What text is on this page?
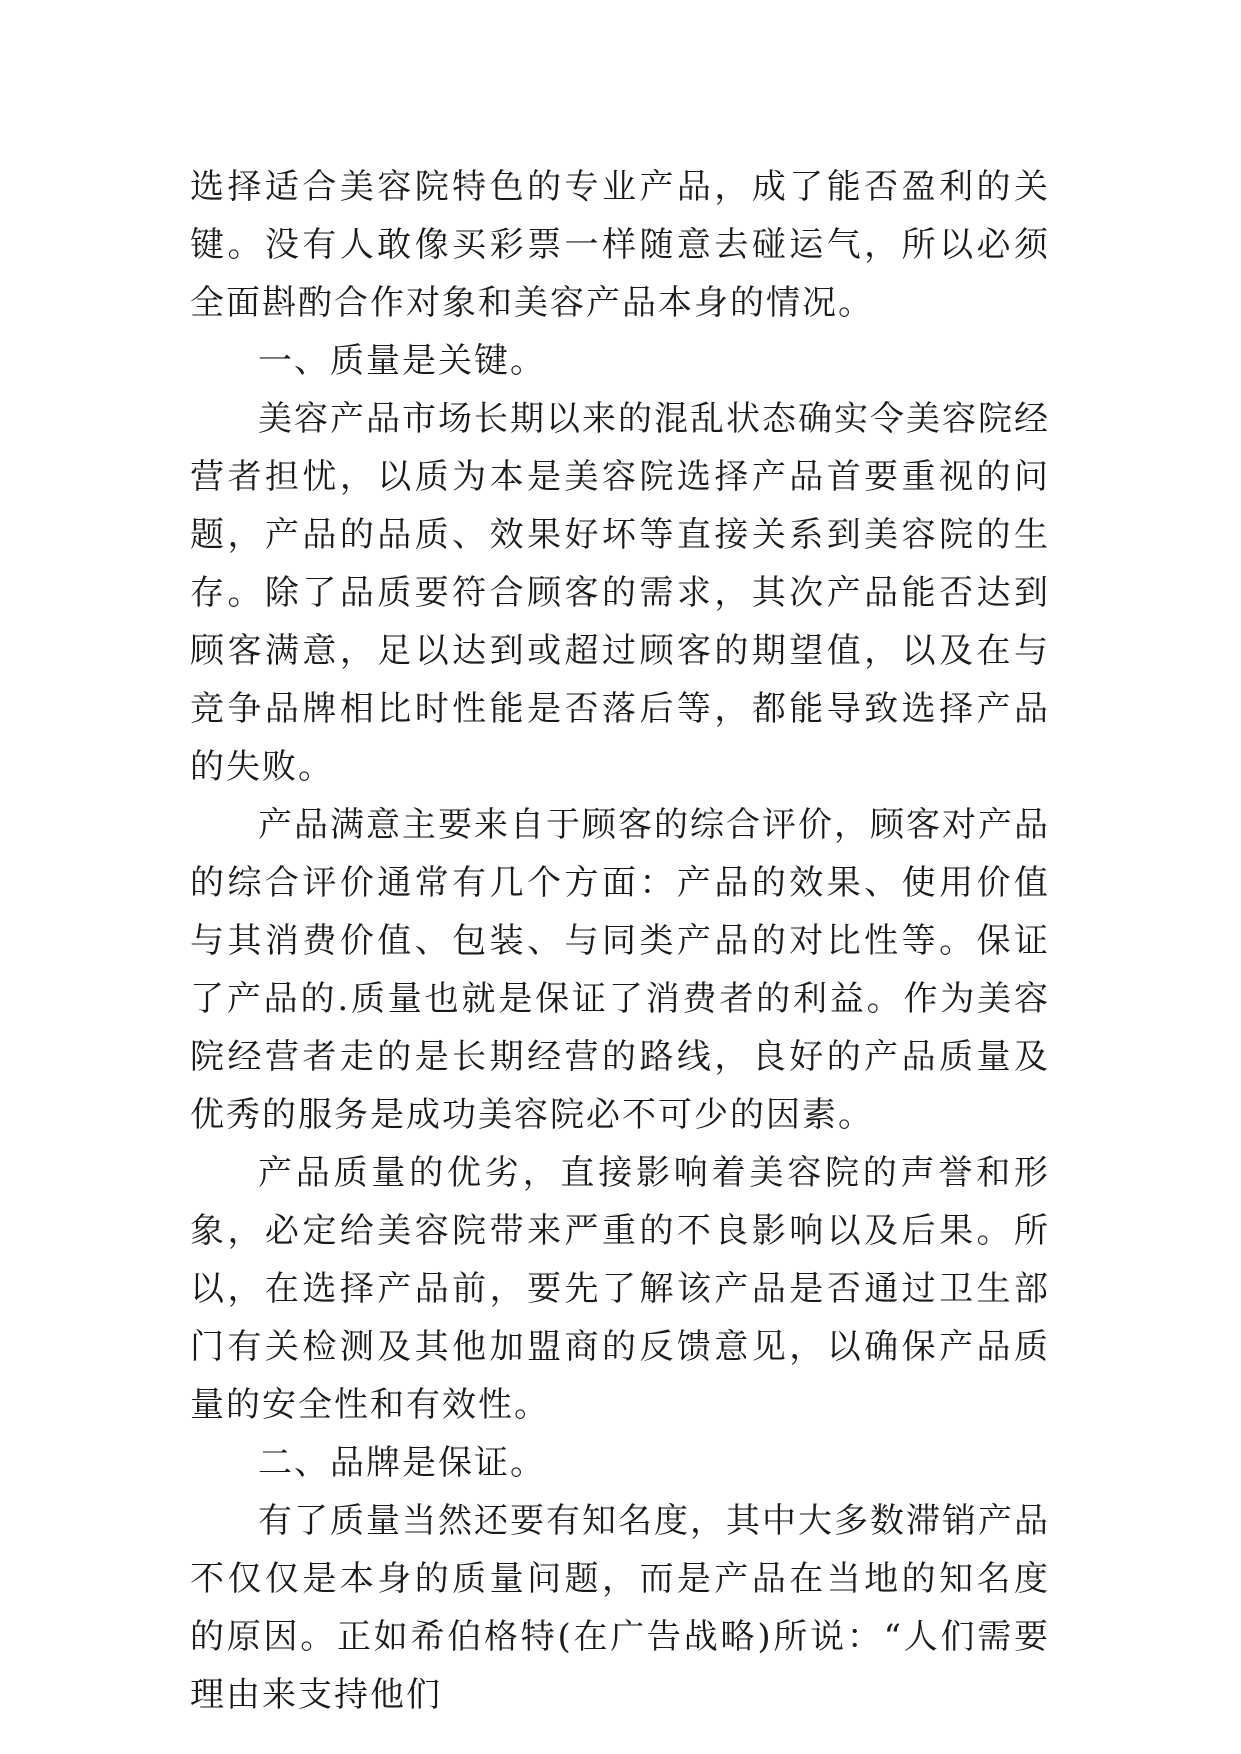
选择适合美容院特色的专业产品，成了能否盈利的关键。没有人敢像买彩票一样随意去碰运气，所以必须全面斟酌合作对象和美容产品本身的情况。

一、质量是关键。

美容产品市场长期以来的混乱状态确实令美容院经营者担忧，以质为本是美容院选择产品首要重视的问题，产品的品质、效果好坏等直接关系到美容院的生存。除了品质要符合顾客的需求，其次产品能否达到顾客满意，足以达到或超过顾客的期望值，以及在与竞争品牌相比时性能是否落后等，都能导致选择产品的失败。

产品满意主要来自于顾客的综合评价，顾客对产品的综合评价通常有几个方面：产品的效果、使用价值与其消费价值、包装、与同类产品的对比性等。保证了产品的.质量也就是保证了消费者的利益。作为美容院经营者走的是长期经营的路线，良好的产品质量及优秀的服务是成功美容院必不可少的因素。

产品质量的优劣，直接影响着美容院的声誉和形象，必定给美容院带来严重的不良影响以及后果。所以，在选择产品前，要先了解该产品是否通过卫生部门有关检测及其他加盟商的反馈意见，以确保产品质量的安全性和有效性。

二、品牌是保证。

有了质量当然还要有知名度，其中大多数滞销产品不仅仅是本身的质量问题，而是产品在当地的知名度的原因。正如希伯格特(在广告战略)所说：“人们需要理由来支持他们
